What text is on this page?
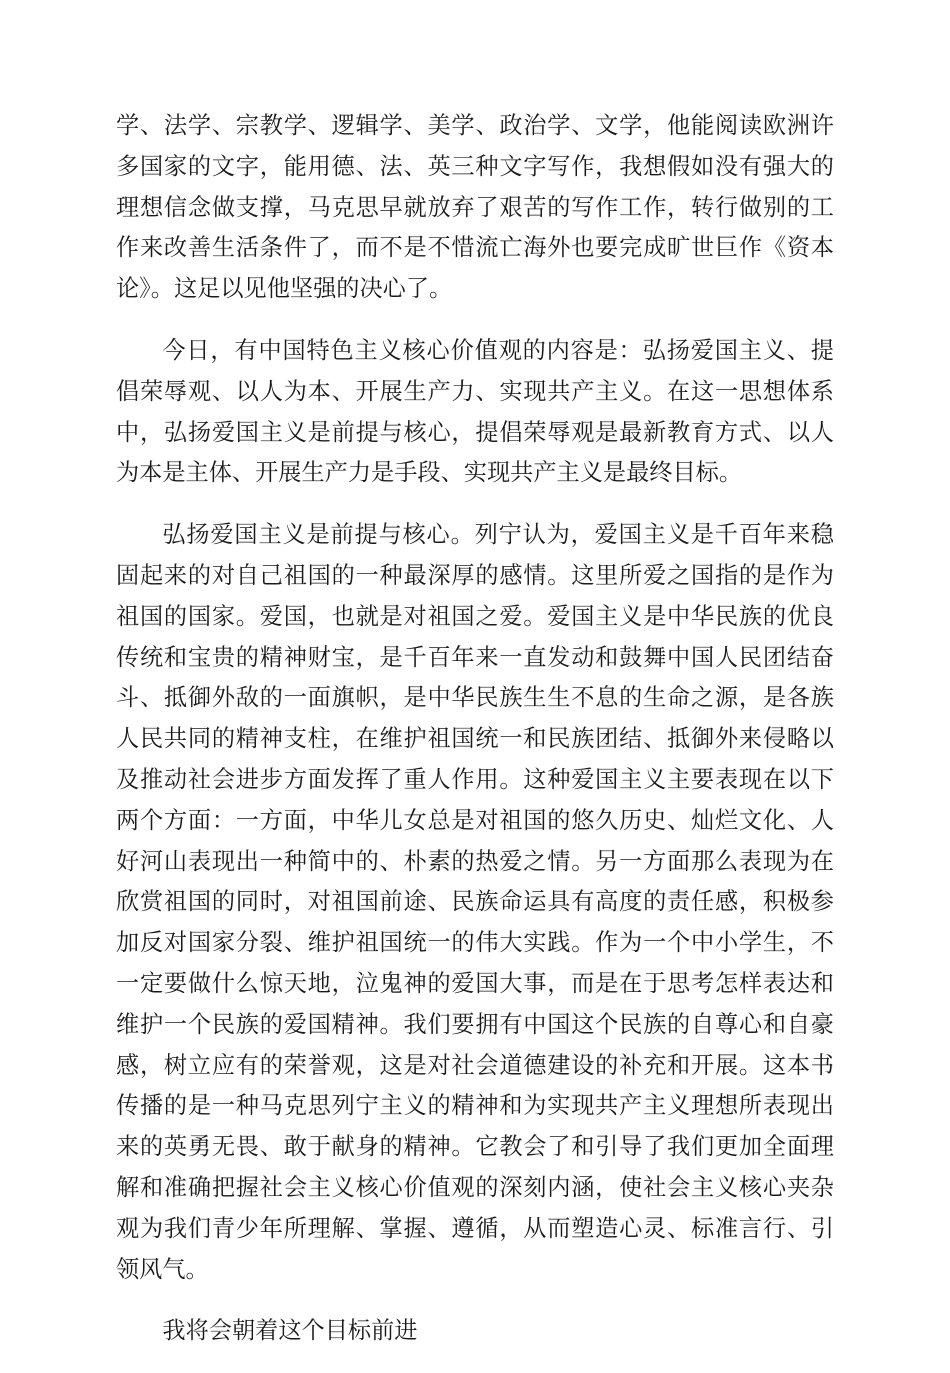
学、法学、宗教学、逻辑学、美学、政治学、文学，他能阅读欧洲许多国家的文字，能用德、法、英三种文字写作，我想假如没有强大的理想信念做支撑，马克思早就放弃了艰苦的写作工作，转行做别的工作来改善生活条件了，而不是不惜流亡海外也要完成旷世巨作《资本论》。这足以见他坚强的决心了。

今日，有中国特色主义核心价值观的内容是：弘扬爱国主义、提倡荣辱观、以人为本、开展生产力、实现共产主义。在这一思想体系中，弘扬爱国主义是前提与核心，提倡荣辱观是最新教育方式、以人为本是主体、开展生产力是手段、实现共产主义是最终目标。

弘扬爱国主义是前提与核心。列宁认为，爱国主义是千百年来稳固起来的对自己祖国的一种最深厚的感情。这里所爱之国指的是作为祖国的国家。爱国，也就是对祖国之爱。爱国主义是中华民族的优良传统和宝贵的精神财宝，是千百年来一直发动和鼓舞中国人民团结奋斗、抵御外敌的一面旗帜，是中华民族生生不息的生命之源，是各族人民共同的精神支柱，在维护祖国统一和民族团结、抵御外来侵略以及推动社会进步方面发挥了重人作用。这种爱国主义主要表现在以下两个方面：一方面，中华儿女总是对祖国的悠久历史、灿烂文化、人好河山表现出一种简中的、朴素的热爱之情。另一方面那么表现为在欣赏祖国的同时，对祖国前途、民族命运具有高度的责任感，积极参加反对国家分裂、维护祖国统一的伟大实践。作为一个中小学生，不一定要做什么惊天地，泣鬼神的爱国大事，而是在于思考怎样表达和维护一个民族的爱国精神。我们要拥有中国这个民族的自尊心和自豪感，树立应有的荣誉观，这是对社会道德建设的补充和开展。这本书传播的是一种马克思列宁主义的精神和为实现共产主义理想所表现出来的英勇无畏、敢于献身的精神。它教会了和引导了我们更加全面理解和准确把握社会主义核心价值观的深刻内涵，使社会主义核心夹杂观为我们青少年所理解、掌握、遵循，从而塑造心灵、标准言行、引领风气。

我将会朝着这个目标前进
